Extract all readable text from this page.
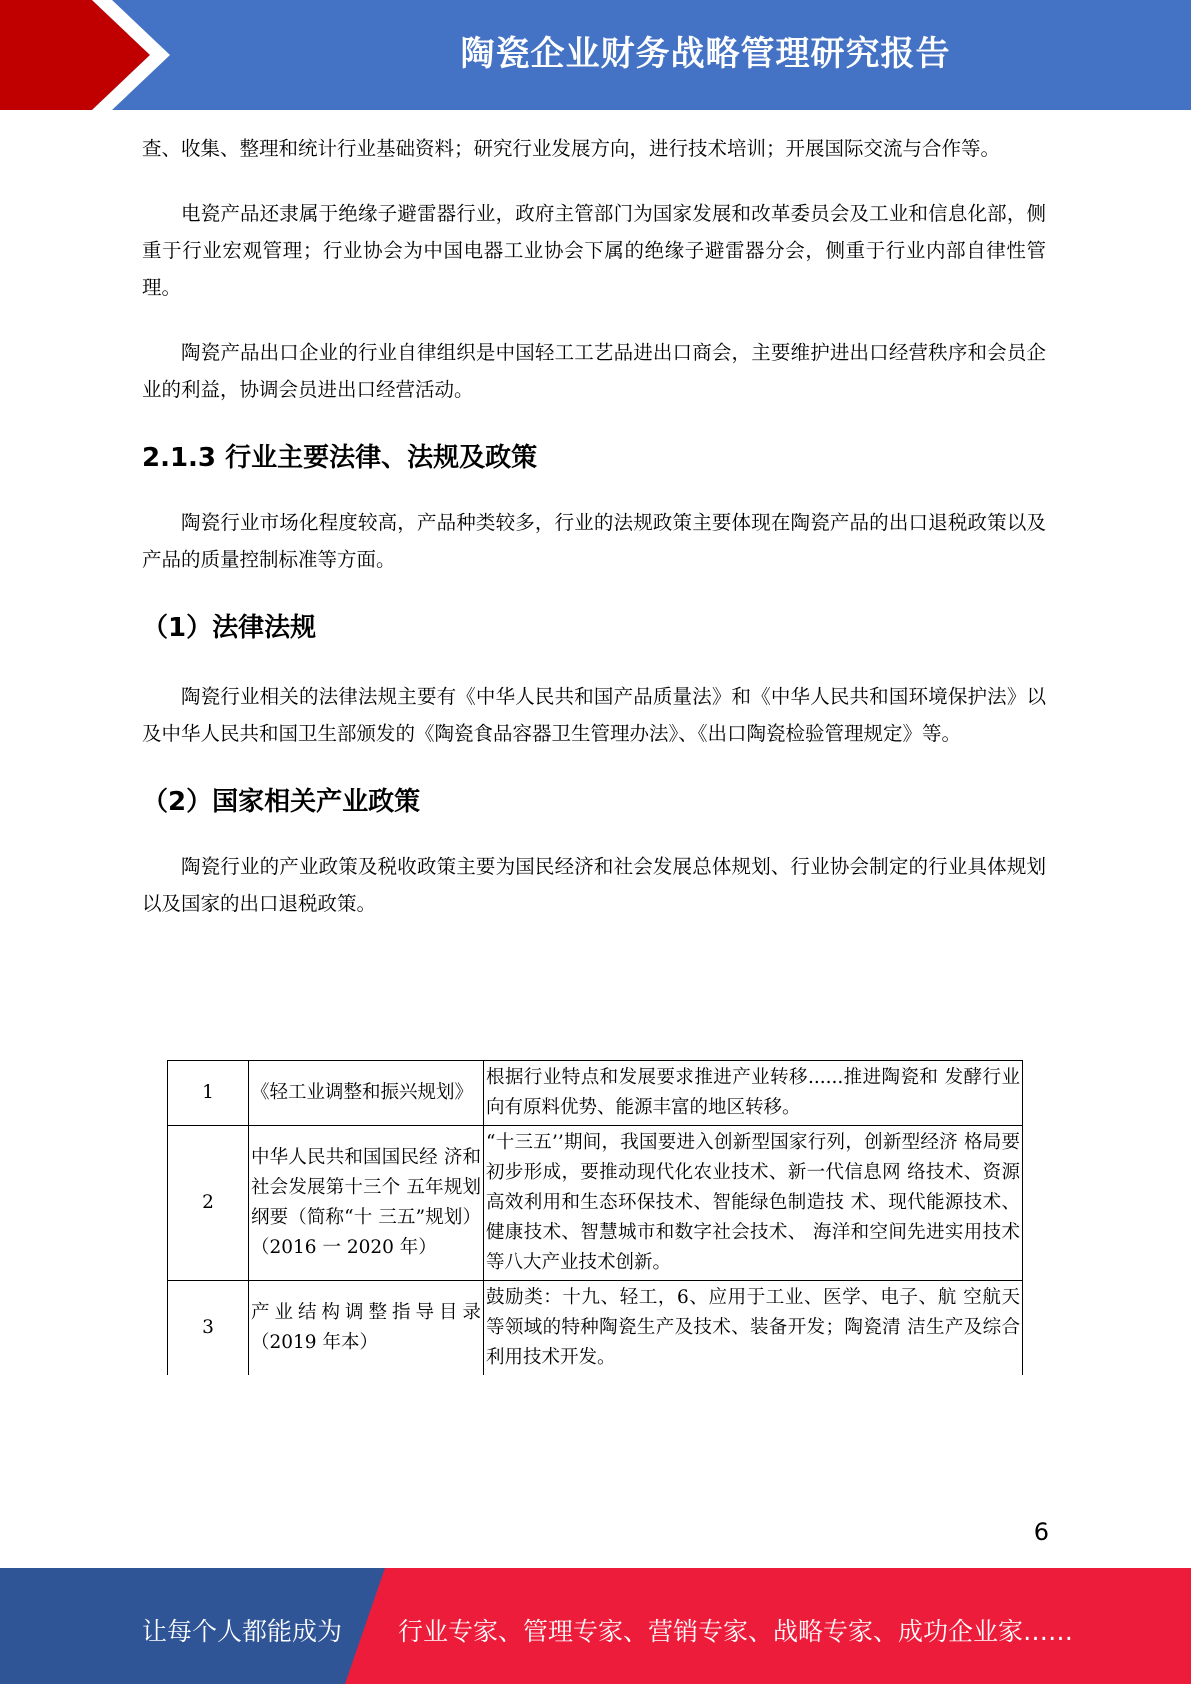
陶瓷企业财务战略管理研究报告

查、收集、整理和统计行业基础资料；研究行业发展方向，进行技术培训；开展国际交流与合作等。

电瓷产品还隶属于绝缘子避雷器行业，政府主管部门为国家发展和改革委员会及工业和信息化部，侧重于行业宏观管理；行业协会为中国电器工业协会下属的绝缘子避雷器分会，侧重于行业内部自律性管理。

陶瓷产品出口企业的行业自律组织是中国轻工工艺品进出口商会，主要维护进出口经营秩序和会员企业的利益，协调会员进出口经营活动。

2.1.3 行业主要法律、法规及政策

陶瓷行业市场化程度较高，产品种类较多，行业的法规政策主要体现在陶瓷产品的出口退税政策以及产品的质量控制标准等方面。

（1）法律法规

陶瓷行业相关的法律法规主要有《中华人民共和国产品质量法》和《中华人民共和国环境保护法》以及中华人民共和国卫生部颁发的《陶瓷食品容器卫生管理办法》、《出口陶瓷检验管理规定》等。

（2）国家相关产业政策

陶瓷行业的产业政策及税收政策主要为国民经济和社会发展总体规划、行业协会制定的行业具体规划以及国家的出口退税政策。

1	《轻工业调整和振兴规划》	根据行业特点和发展要求推进产业转移......推进陶瓷和 发酵行业向有原料优势、能源丰富的地区转移。
2	中华人民共和国国民经 济和社会发展第十三个 五年规划纲要（简称“十 三五”规划）（2016 一 2020 年）	“十三五’’期间，我国要进入创新型国家行列，创新型经济 格局要初步形成，要推动现代化农业技术、新一代信息网 络技术、资源高效利用和生态环保技术、智能绿色制造技 术、现代能源技术、健康技术、智慧城市和数字社会技术、 海洋和空间先进实用技术等八大产业技术创新。
3	产业结构调整指导目录（2019 年本）	鼓励类：十九、轻工，6、应用于工业、医学、电子、航 空航天等领域的特种陶瓷生产及技术、装备开发；陶瓷清 洁生产及综合利用技术开发。
6
让每个人都能成为 行业专家、管理专家、营销专家、战略专家、成功企业家……
